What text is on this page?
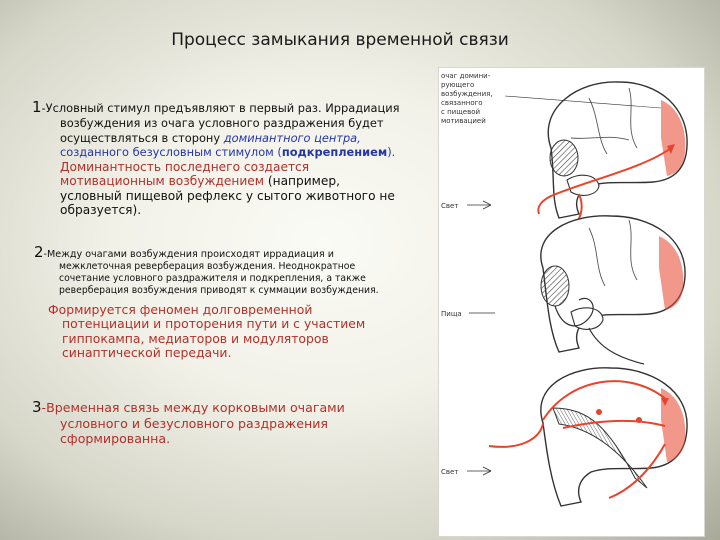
Процесс замыкания временной связи
1-Условный стимул предъявляют в первый раз. Иррадиация
возбуждения из очага условного раздражения будет
осуществляться в сторону доминантного центра,
созданного безусловным стимулом (подкреплением).
Доминантность последнего создается
мотивационным возбуждением (например,
условный пищевой рефлекс у сытого животного не
образуется).
2-Между очагами возбуждения происходят иррадиация и
межклеточная реверберация возбуждения. Неоднократное
сочетание условного раздражителя и подкрепления, а также
реверберация возбуждения приводят к суммации возбуждения.
Формируется феномен долговременной
потенциации и проторения пути и с участием
гиппокампа, медиаторов и модуляторов
синаптической передачи.
3-Временная связь между корковыми очагами
условного и безусловного раздражения
сформированна.
очаг домини-
рующего
возбуждения,
связанного
с пищевой
мотивацией
Свет
Пища
Свет
